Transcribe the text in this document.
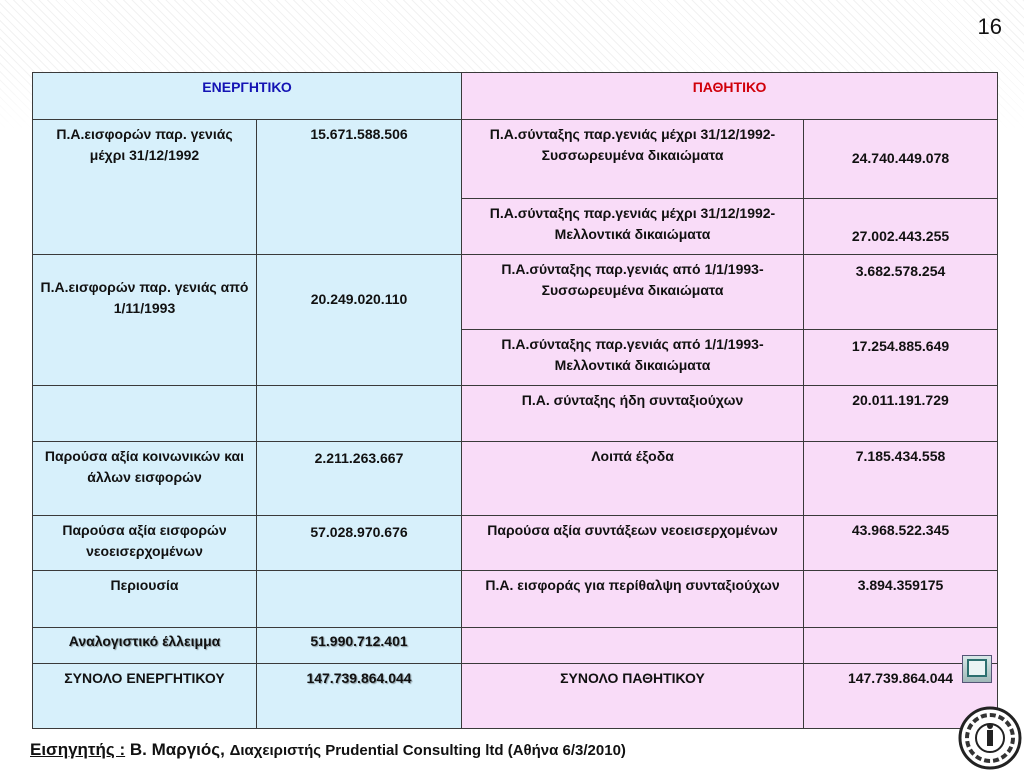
16
ΕΝΕΡΓΗΤΙΚΟ		ΠΑΘΗΤΙΚΟ	
Π.Α.εισφορών παρ. γενιάς μέχρι 31/12/1992	15.671.588.506	Π.Α.σύνταξης παρ.γενιάς μέχρι 31/12/1992- Συσσωρευμένα δικαιώματα	24.740.449.078
		Π.Α.σύνταξης παρ.γενιάς μέχρι 31/12/1992- Μελλοντικά δικαιώματα	27.002.443.255
Π.Α.εισφορών παρ. γενιάς από 1/11/1993	20.249.020.110	Π.Α.σύνταξης παρ.γενιάς από 1/1/1993- Συσσωρευμένα δικαιώματα	3.682.578.254
		Π.Α.σύνταξης παρ.γενιάς από 1/1/1993- Μελλοντικά δικαιώματα	17.254.885.649
		Π.Α. σύνταξης ήδη συνταξιούχων	20.011.191.729
Παρούσα αξία κοινωνικών και άλλων εισφορών	2.211.263.667	Λοιπά έξοδα	7.185.434.558
Παρούσα αξία εισφορών νεοεισερχομένων	57.028.970.676	Παρούσα αξία συντάξεων νεοεισερχομένων	43.968.522.345
Περιουσία		Π.Α. εισφοράς για περίθαλψη συνταξιούχων	3.894.359175
Αναλογιστικό έλλειμμα	51.990.712.401		
ΣΥΝΟΛΟ ΕΝΕΡΓΗΤΙΚΟΥ	147.739.864.044	ΣΥΝΟΛΟ ΠΑΘΗΤΙΚΟΥ	147.739.864.044
Εισηγητής : Β. Μαργιός, Διαχειριστής Prudential Consulting ltd (Αθήνα 6/3/2010)
